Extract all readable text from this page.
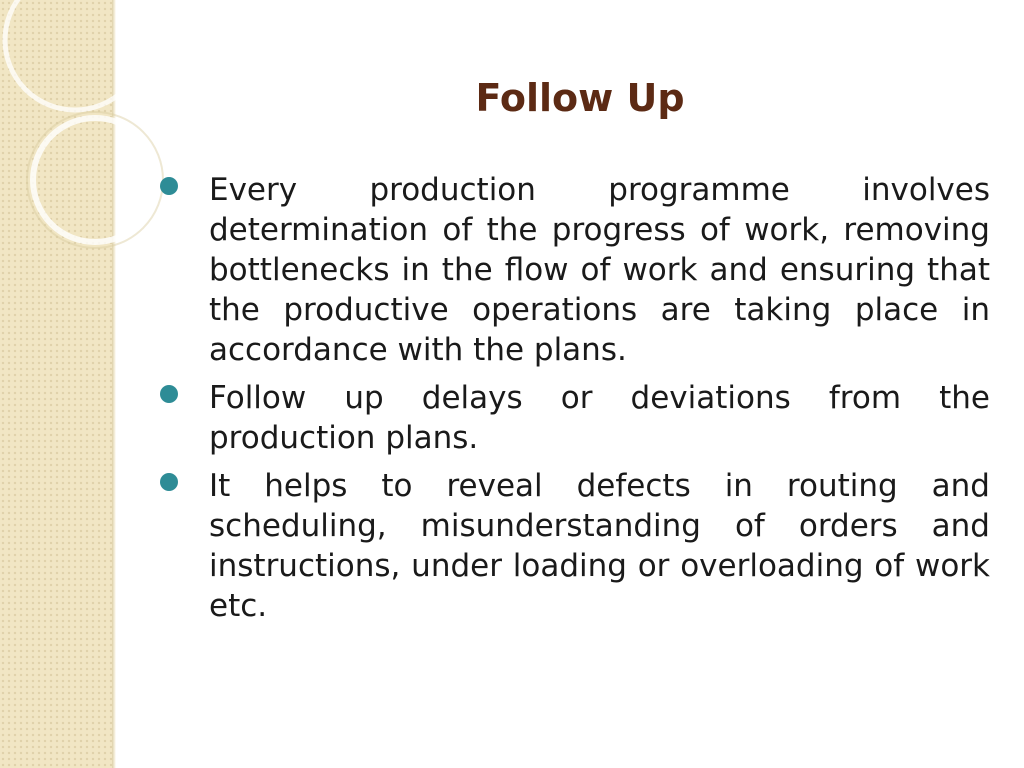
Follow Up
Every production programme involves determination of the progress of work, removing bottlenecks in the flow of work and ensuring that the productive operations are taking place in accordance with the plans.
Follow up delays or deviations from the production plans.
It helps to reveal defects in routing and scheduling, misunderstanding of orders and instructions, under loading or overloading of work etc.
